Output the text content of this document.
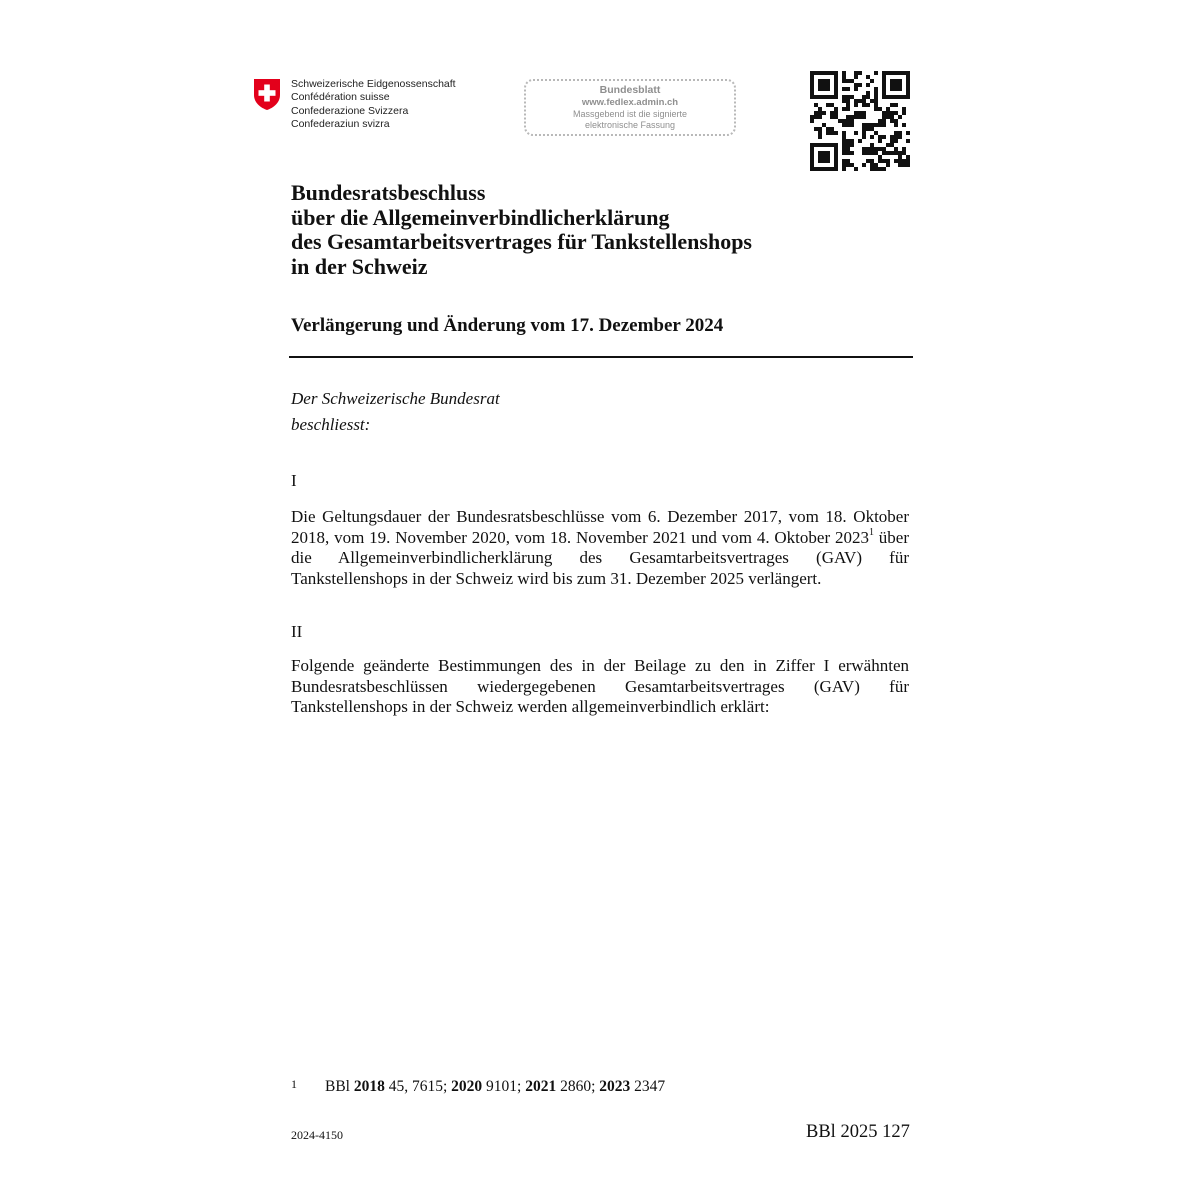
Schweizerische Eidgenossenschaft
Confédération suisse
Confederazione Svizzera
Confederaziun svizra
Bundesblatt
www.fedlex.admin.ch
Massgebend ist die signierte
elektronische Fassung
Bundesratsbeschluss
über die Allgemeinverbindlicherklärung
des Gesamtarbeitsvertrages für Tankstellenshops
in der Schweiz
Verlängerung und Änderung vom 17. Dezember 2024
Der Schweizerische Bundesrat
beschliesst:
I
Die Geltungsdauer der Bundesratsbeschlüsse vom 6. Dezember 2017, vom 18. Oktober 2018, vom 19. November 2020, vom 18. November 2021 und vom 4. Oktober 2023$^1$ über die Allgemeinverbindlicherklärung des Gesamtarbeitsvertrages (GAV) für Tankstellenshops in der Schweiz wird bis zum 31. Dezember 2025 verlängert.
II
Folgende geänderte Bestimmungen des in der Beilage zu den in Ziffer I erwähnten Bundesratsbeschlüssen wiedergegebenen Gesamtarbeitsvertrages (GAV) für Tankstellenshops in der Schweiz werden allgemeinverbindlich erklärt:
1 BBl 2018 45, 7615; 2020 9101; 2021 2860; 2023 2347
2024-4150	BBl 2025 127
